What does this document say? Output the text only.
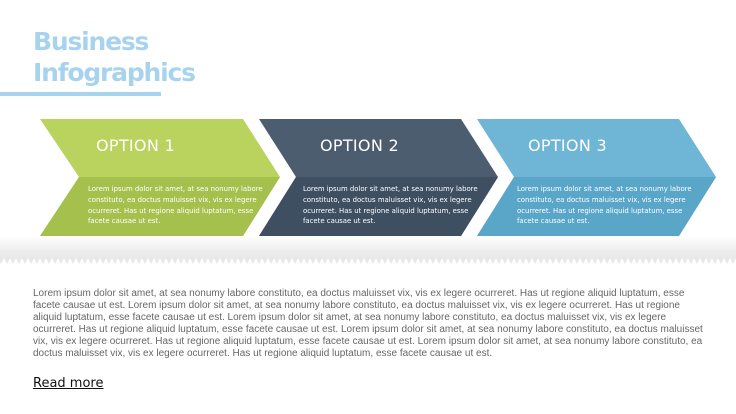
Business
Infographics
OPTION 1
Lorem ipsum dolor sit amet, at sea nonumy labore constituto, ea doctus maluisset vix, vis ex legere ocurreret. Has ut regione aliquid luptatum, esse facete causae ut est.
OPTION 2
Lorem ipsum dolor sit amet, at sea nonumy labore constituto, ea doctus maluisset vix, vis ex legere ocurreret. Has ut regione aliquid luptatum, esse facete causae ut est.
OPTION 3
Lorem ipsum dolor sit amet, at sea nonumy labore constituto, ea doctus maluisset vix, vis ex legere ocurreret. Has ut regione aliquid luptatum, esse facete causae ut est.
Lorem ipsum dolor sit amet, at sea nonumy labore constituto, ea doctus maluisset vix, vis ex legere ocurreret. Has ut regione aliquid luptatum, esse facete causae ut est. Lorem ipsum dolor sit amet, at sea nonumy labore constituto, ea doctus maluisset vix, vis ex legere ocurreret. Has ut regione aliquid luptatum, esse facete causae ut est. Lorem ipsum dolor sit amet, at sea nonumy labore constituto, ea doctus maluisset vix, vis ex legere ocurreret. Has ut regione aliquid luptatum, esse facete causae ut est. Lorem ipsum dolor sit amet, at sea nonumy labore constituto, ea doctus maluisset vix, vis ex legere ocurreret. Has ut regione aliquid luptatum, esse facete causae ut est. Lorem ipsum dolor sit amet, at sea nonumy labore constituto, ea doctus maluisset vix, vis ex legere ocurreret. Has ut regione aliquid luptatum, esse facete causae ut est.
Read more
